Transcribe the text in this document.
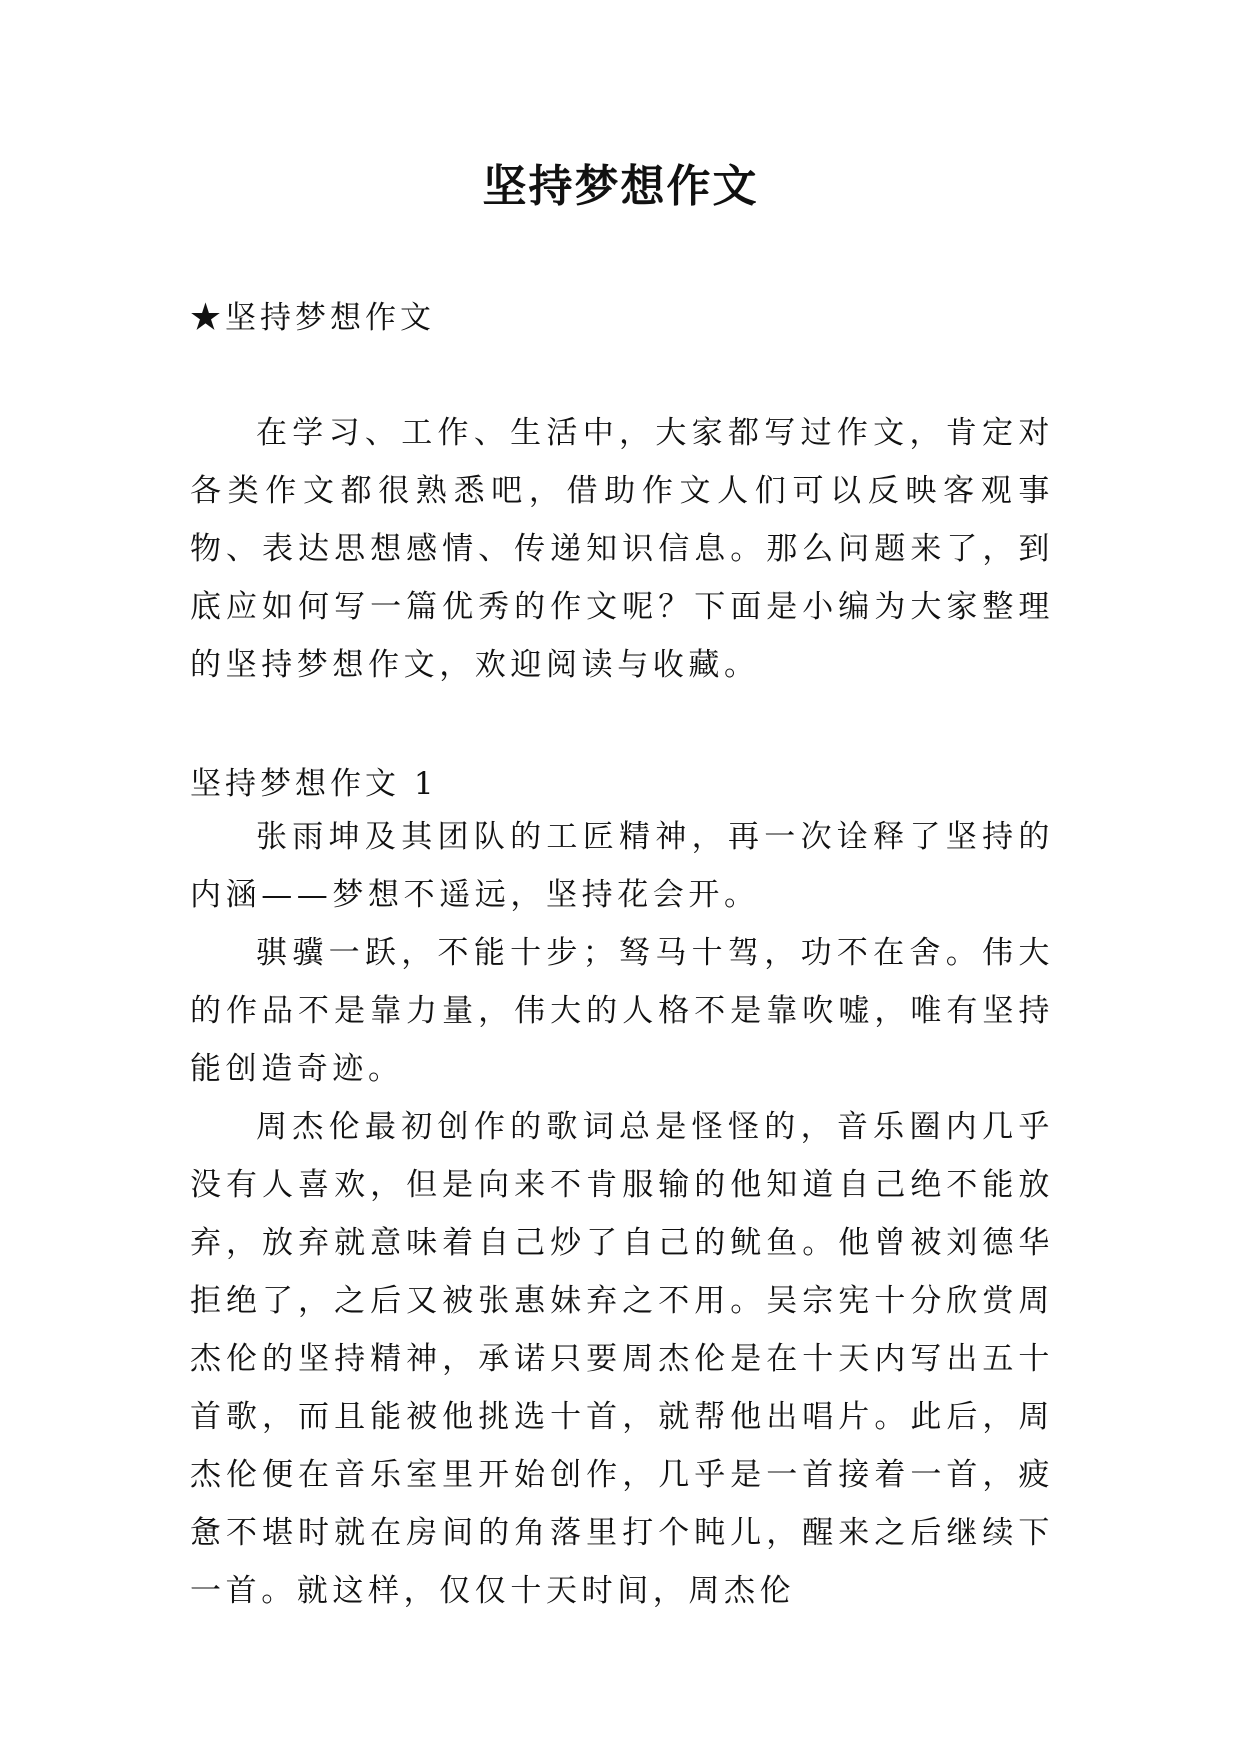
坚持梦想作文

★坚持梦想作文

在学习、工作、生活中，大家都写过作文，肯定对各类作文都很熟悉吧，借助作文人们可以反映客观事物、表达思想感情、传递知识信息。那么问题来了，到底应如何写一篇优秀的作文呢？下面是小编为大家整理的坚持梦想作文，欢迎阅读与收藏。

坚持梦想作文 1

张雨坤及其团队的工匠精神，再一次诠释了坚持的内涵——梦想不遥远，坚持花会开。

骐骥一跃，不能十步；驽马十驾，功不在舍。伟大的作品不是靠力量，伟大的人格不是靠吹嘘，唯有坚持能创造奇迹。

周杰伦最初创作的歌词总是怪怪的，音乐圈内几乎没有人喜欢，但是向来不肯服输的他知道自己绝不能放弃，放弃就意味着自己炒了自己的鱿鱼。他曾被刘德华拒绝了，之后又被张惠妹弃之不用。吴宗宪十分欣赏周杰伦的坚持精神，承诺只要周杰伦是在十天内写出五十首歌，而且能被他挑选十首，就帮他出唱片。此后，周杰伦便在音乐室里开始创作，几乎是一首接着一首，疲惫不堪时就在房间的角落里打个盹儿，醒来之后继续下一首。就这样，仅仅十天时间，周杰伦
